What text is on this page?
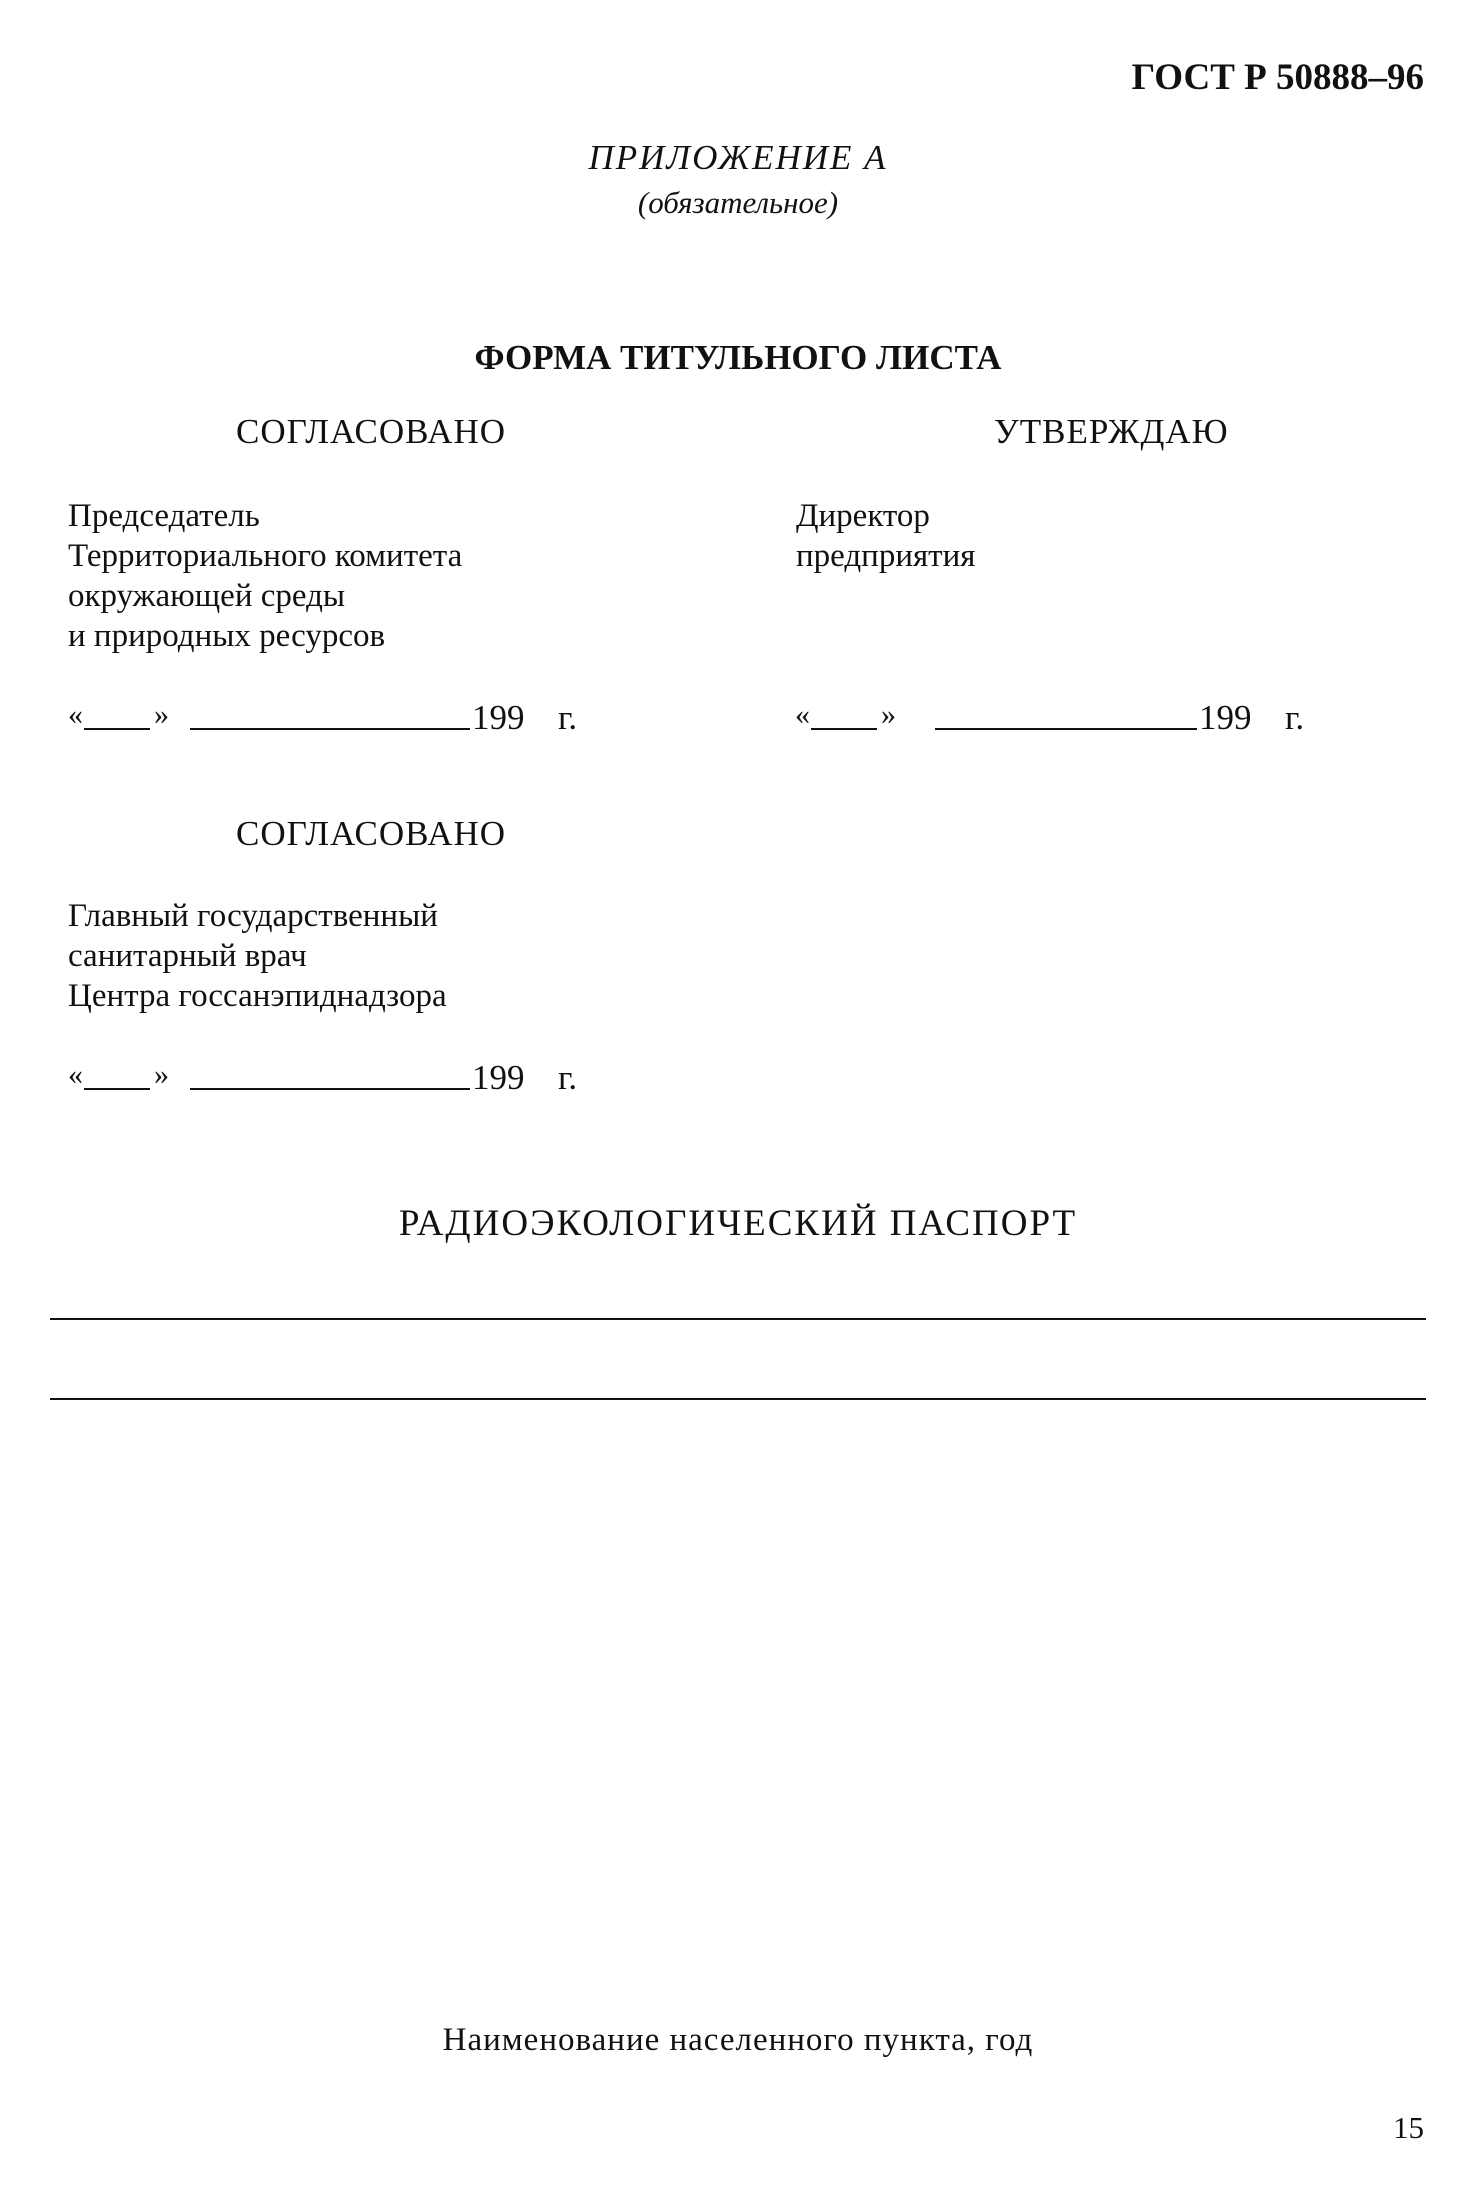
ГОСТ Р 50888–96
ПРИЛОЖЕНИЕ А
(обязательное)
ФОРМА ТИТУЛЬНОГО ЛИСТА
СОГЛАСОВАНО
Председатель
Территориального комитета
окружающей среды
и природных ресурсов
« »	199 г.
УТВЕРЖДАЮ
Директор
предприятия
« »	199 г.
СОГЛАСОВАНО
Главный государственный
санитарный врач
Центра госсанэпиднадзора
« »	199 г.
РАДИОЭКОЛОГИЧЕСКИЙ ПАСПОРТ
Наименование населенного пункта, год
15
